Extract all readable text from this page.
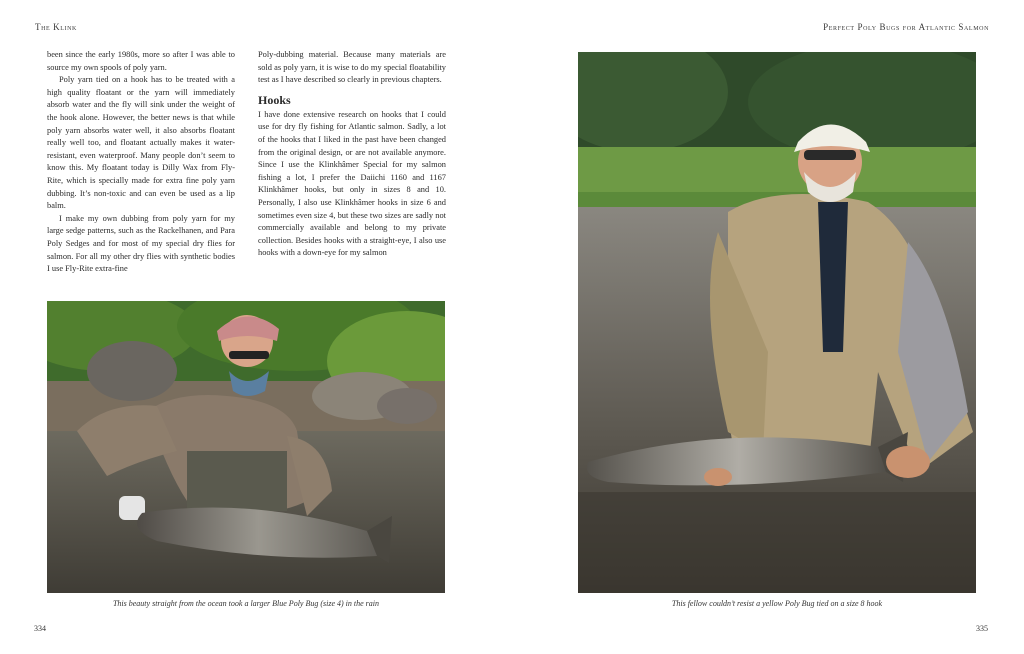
The Klink

been since the early 1980s, more so after I was able to source my own spools of poly yarn.

Poly yarn tied on a hook has to be treated with a high quality floatant or the yarn will immediately absorb water and the fly will sink under the weight of the hook alone. However, the better news is that while poly yarn absorbs water well, it also absorbs floatant really well too, and floatant actually makes it water-resistant, even waterproof. Many people don’t seem to know this. My floatant today is Dilly Wax from Fly-Rite, which is specially made for extra fine poly yarn dubbing. It’s non-toxic and can even be used as a lip balm.

I make my own dubbing from poly yarn for my large sedge patterns, such as the Rackelhanen, and Para Poly Sedges and for most of my special dry flies for salmon. For all my other dry flies with synthetic bodies I use Fly-Rite extra-fine

Poly-dubbing material. Because many materials are sold as poly yarn, it is wise to do my special floatability test as I have described so clearly in previous chapters.

Hooks

I have done extensive research on hooks that I could use for dry fly fishing for Atlantic salmon. Sadly, a lot of the hooks that I liked in the past have been changed from the original design, or are not available anymore. Since I use the Klinkhâmer Special for my salmon fishing a lot, I prefer the Daiichi 1160 and 1167 Klinkhâmer hooks, but only in sizes 8 and 10. Personally, I also use Klinkhâmer hooks in size 6 and sometimes even size 4, but these two sizes are sadly not commercially available and belong to my private collection. Besides hooks with a straight-eye, I also use hooks with a down-eye for my salmon

This beauty straight from the ocean took a larger Blue Poly Bug (size 4) in the rain
334
Perfect Poly Bugs for Atlantic Salmon
This fellow couldn’t resist a yellow Poly Bug tied on a size 8 hook
335
